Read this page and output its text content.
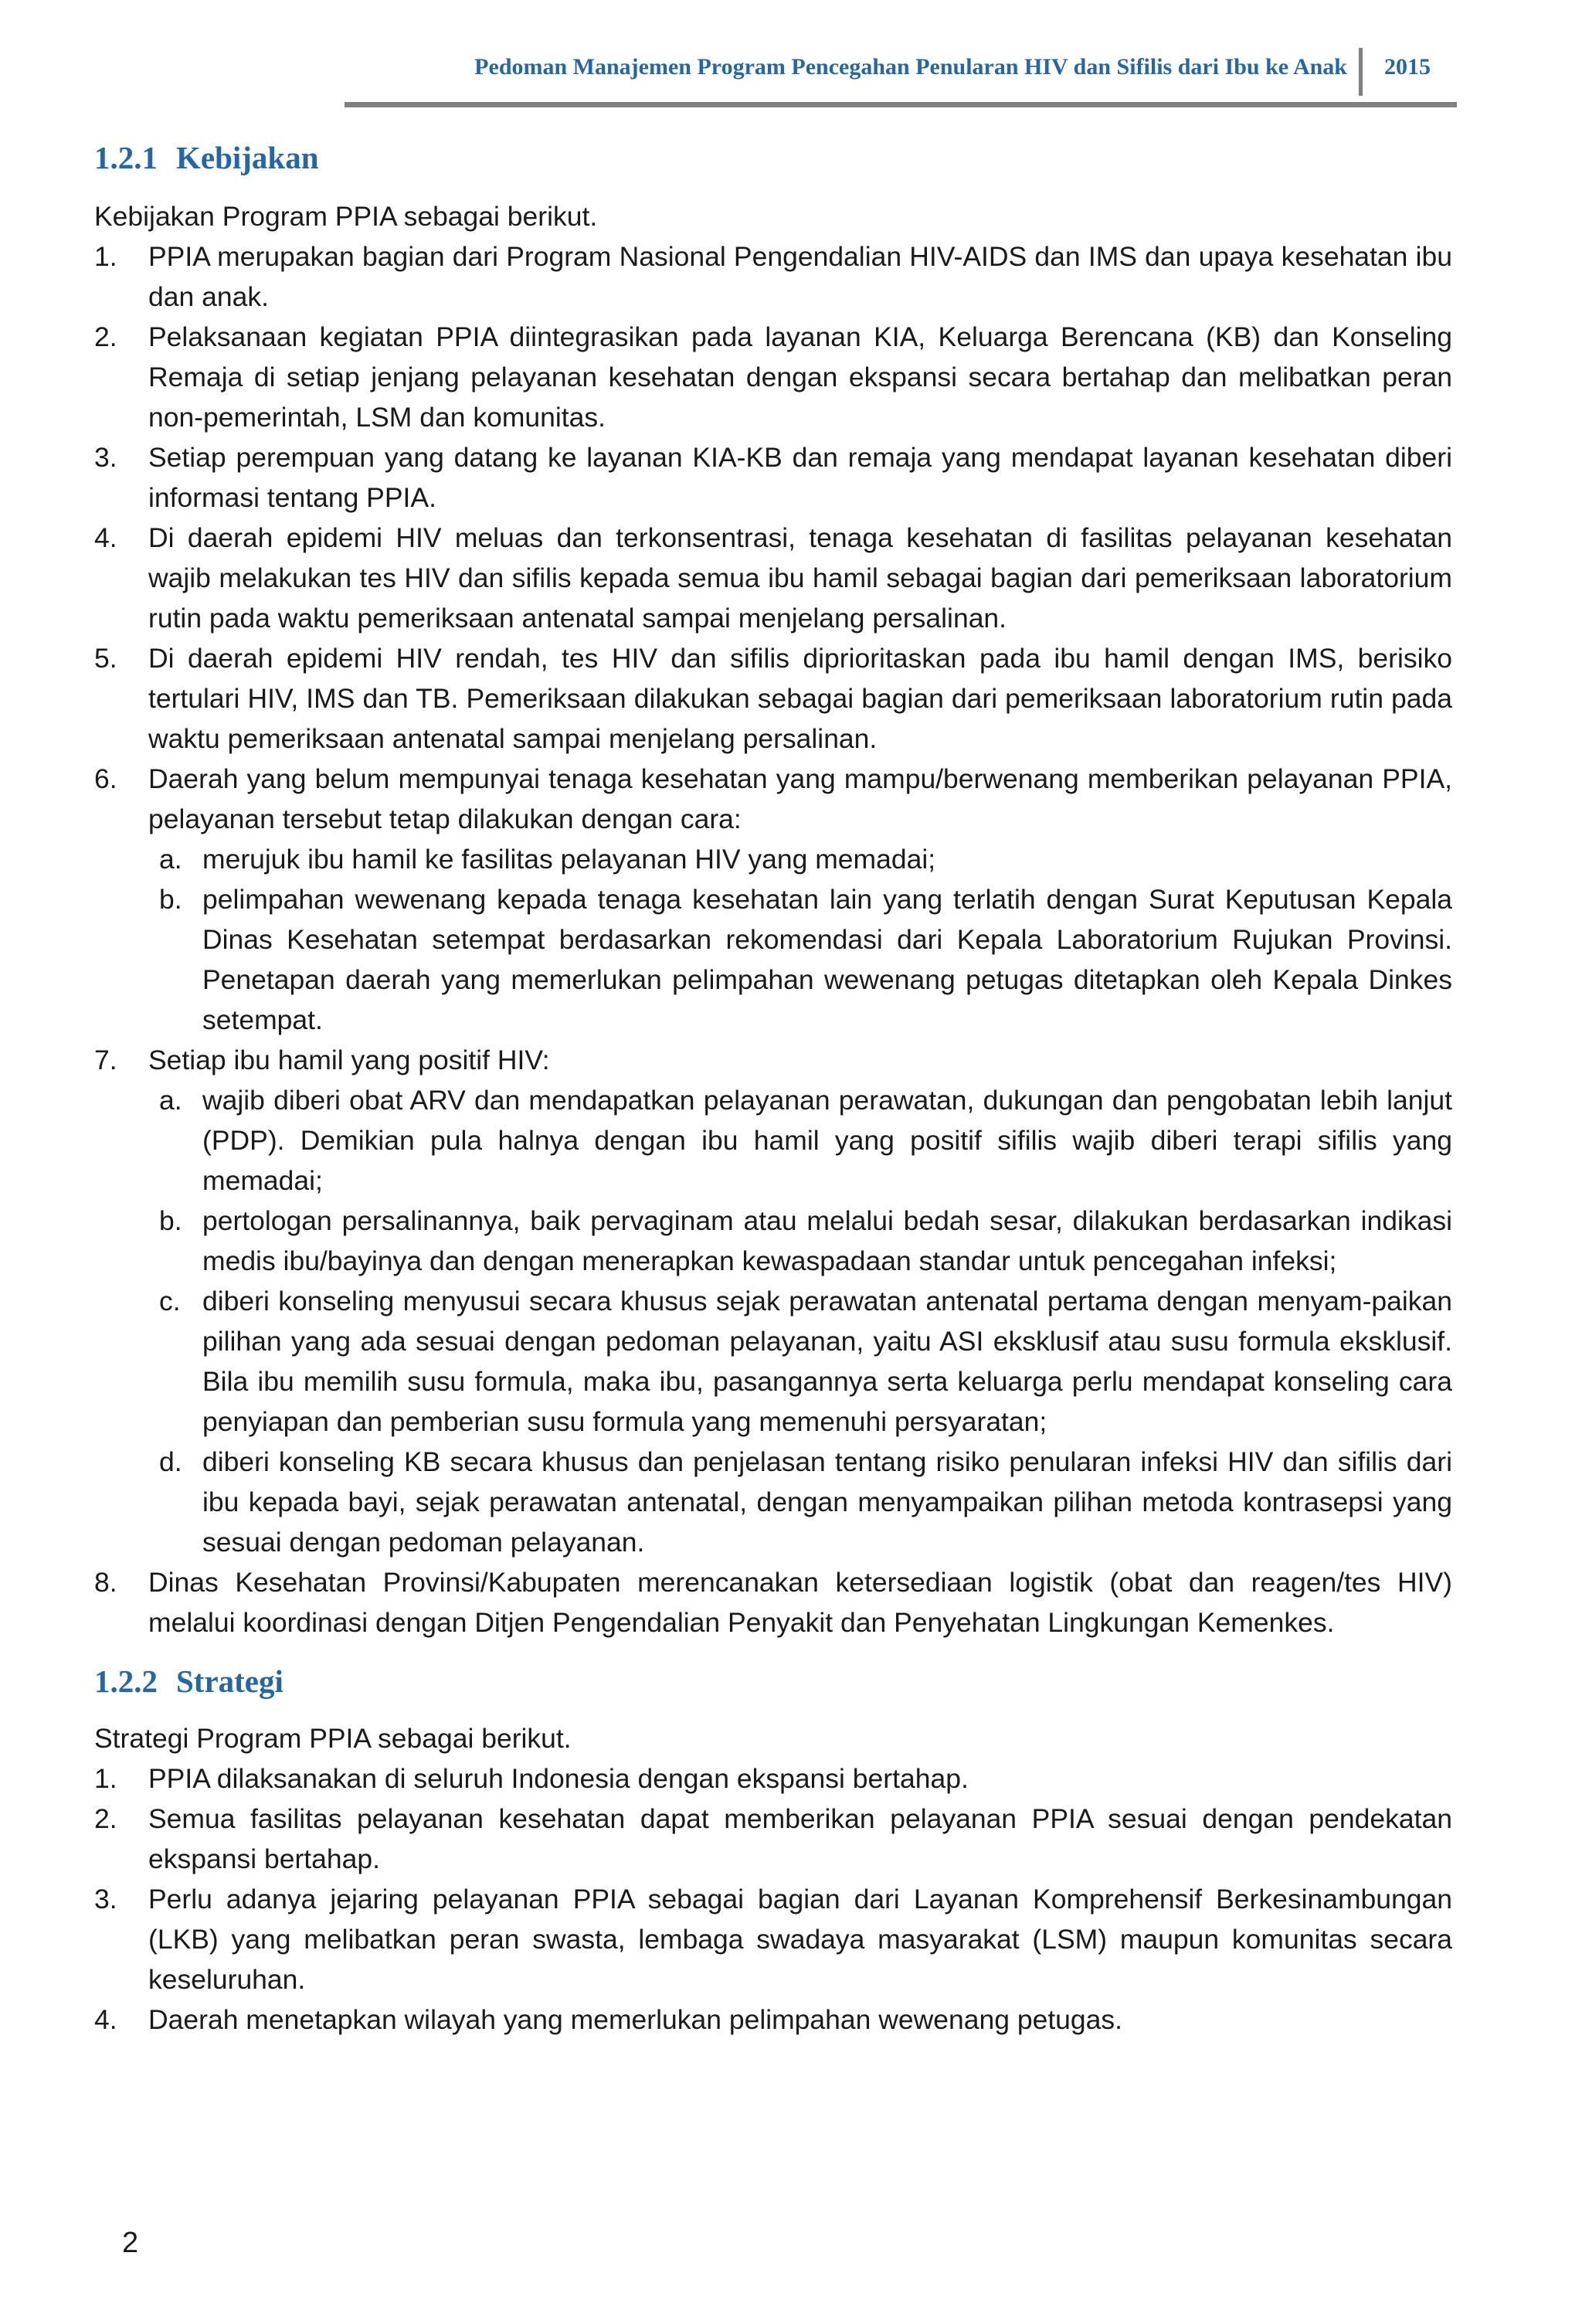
Pedoman Manajemen Program Pencegahan Penularan HIV dan Sifilis dari Ibu ke Anak 2015
1.2.1 Kebijakan

Kebijakan Program PPIA sebagai berikut.

1. PPIA merupakan bagian dari Program Nasional Pengendalian HIV-AIDS dan IMS dan upaya kesehatan ibu dan anak.
2. Pelaksanaan kegiatan PPIA diintegrasikan pada layanan KIA, Keluarga Berencana (KB) dan Konseling Remaja di setiap jenjang pelayanan kesehatan dengan ekspansi secara bertahap dan melibatkan peran non-pemerintah, LSM dan komunitas.
3. Setiap perempuan yang datang ke layanan KIA-KB dan remaja yang mendapat layanan kesehatan diberi informasi tentang PPIA.
4. Di daerah epidemi HIV meluas dan terkonsentrasi, tenaga kesehatan di fasilitas pelayanan kesehatan wajib melakukan tes HIV dan sifilis kepada semua ibu hamil sebagai bagian dari pemeriksaan laboratorium rutin pada waktu pemeriksaan antenatal sampai menjelang persalinan.
5. Di daerah epidemi HIV rendah, tes HIV dan sifilis diprioritaskan pada ibu hamil dengan IMS, berisiko tertulari HIV, IMS dan TB. Pemeriksaan dilakukan sebagai bagian dari pemeriksaan laboratorium rutin pada waktu pemeriksaan antenatal sampai menjelang persalinan.
6. Daerah yang belum mempunyai tenaga kesehatan yang mampu/berwenang memberikan pelayanan PPIA, pelayanan tersebut tetap dilakukan dengan cara:
a. merujuk ibu hamil ke fasilitas pelayanan HIV yang memadai;
b. pelimpahan wewenang kepada tenaga kesehatan lain yang terlatih dengan Surat Keputusan Kepala Dinas Kesehatan setempat berdasarkan rekomendasi dari Kepala Laboratorium Rujukan Provinsi. Penetapan daerah yang memerlukan pelimpahan wewenang petugas ditetapkan oleh Kepala Dinkes setempat.
7. Setiap ibu hamil yang positif HIV:
a. wajib diberi obat ARV dan mendapatkan pelayanan perawatan, dukungan dan pengobatan lebih lanjut (PDP). Demikian pula halnya dengan ibu hamil yang positif sifilis wajib diberi terapi sifilis yang memadai;
b. pertologan persalinannya, baik pervaginam atau melalui bedah sesar, dilakukan berdasarkan indikasi medis ibu/bayinya dan dengan menerapkan kewaspadaan standar untuk pencegahan infeksi;
c. diberi konseling menyusui secara khusus sejak perawatan antenatal pertama dengan menyam-paikan pilihan yang ada sesuai dengan pedoman pelayanan, yaitu ASI eksklusif atau susu formula eksklusif. Bila ibu memilih susu formula, maka ibu, pasangannya serta keluarga perlu mendapat konseling cara penyiapan dan pemberian susu formula yang memenuhi persyaratan;
d. diberi konseling KB secara khusus dan penjelasan tentang risiko penularan infeksi HIV dan sifilis dari ibu kepada bayi, sejak perawatan antenatal, dengan menyampaikan pilihan metoda kontrasepsi yang sesuai dengan pedoman pelayanan.
8. Dinas Kesehatan Provinsi/Kabupaten merencanakan ketersediaan logistik (obat dan reagen/tes HIV) melalui koordinasi dengan Ditjen Pengendalian Penyakit dan Penyehatan Lingkungan Kemenkes.
1.2.2 Strategi

Strategi Program PPIA sebagai berikut.

1. PPIA dilaksanakan di seluruh Indonesia dengan ekspansi bertahap.
2. Semua fasilitas pelayanan kesehatan dapat memberikan pelayanan PPIA sesuai dengan pendekatan ekspansi bertahap.
3. Perlu adanya jejaring pelayanan PPIA sebagai bagian dari Layanan Komprehensif Berkesinambungan (LKB) yang melibatkan peran swasta, lembaga swadaya masyarakat (LSM) maupun komunitas secara keseluruhan.
4. Daerah menetapkan wilayah yang memerlukan pelimpahan wewenang petugas.
2
